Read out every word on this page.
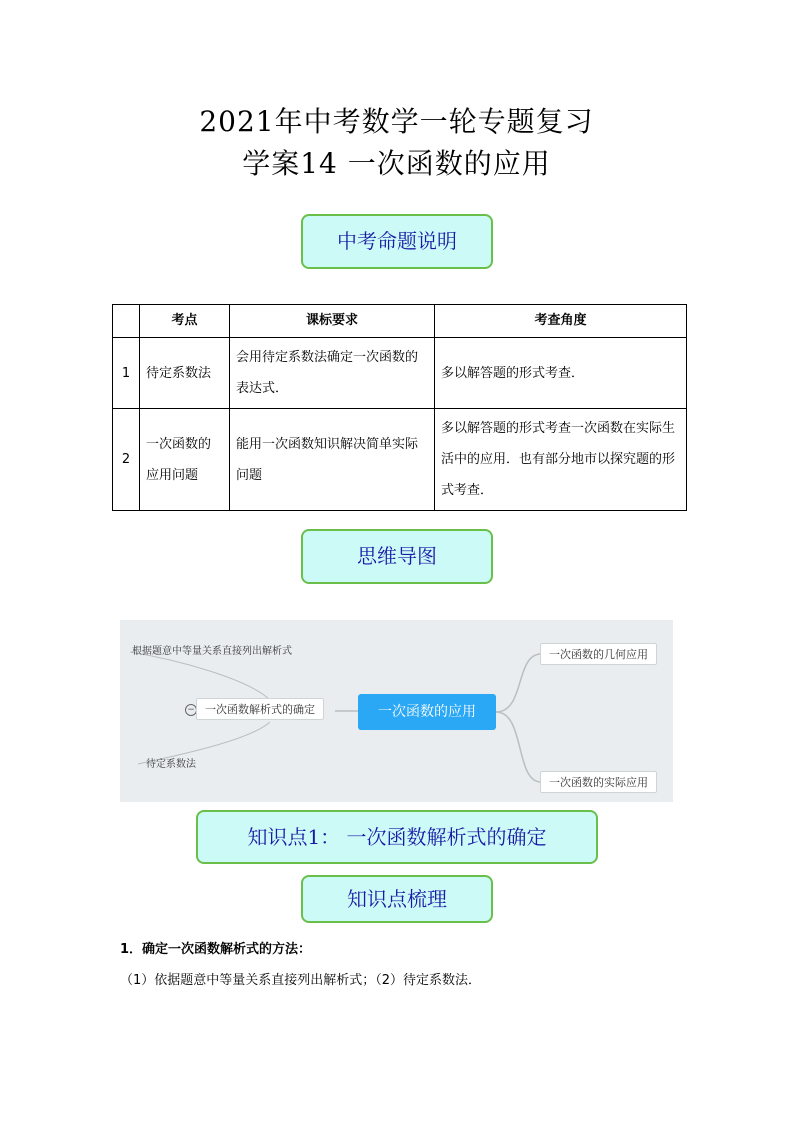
2021年中考数学一轮专题复习
学案14 一次函数的应用
中考命题说明
	考点	课标要求	考查角度
1	待定系数法	会用待定系数法确定一次函数的表达式．	多以解答题的形式考查．
2	一次函数的应用问题	能用一次函数知识解决简单实际问题	多以解答题的形式考查一次函数在实际生活中的应用．也有部分地市以探究题的形式考查．
思维导图
根据题意中等量关系直接列出解析式
待定系数法
− 一次函数解析式的确定	一次函数的应用
一次函数的几何应用
一次函数的实际应用
知识点1： 一次函数解析式的确定
知识点梳理
1．确定一次函数解析式的方法：
（1）依据题意中等量关系直接列出解析式；（2）待定系数法．
